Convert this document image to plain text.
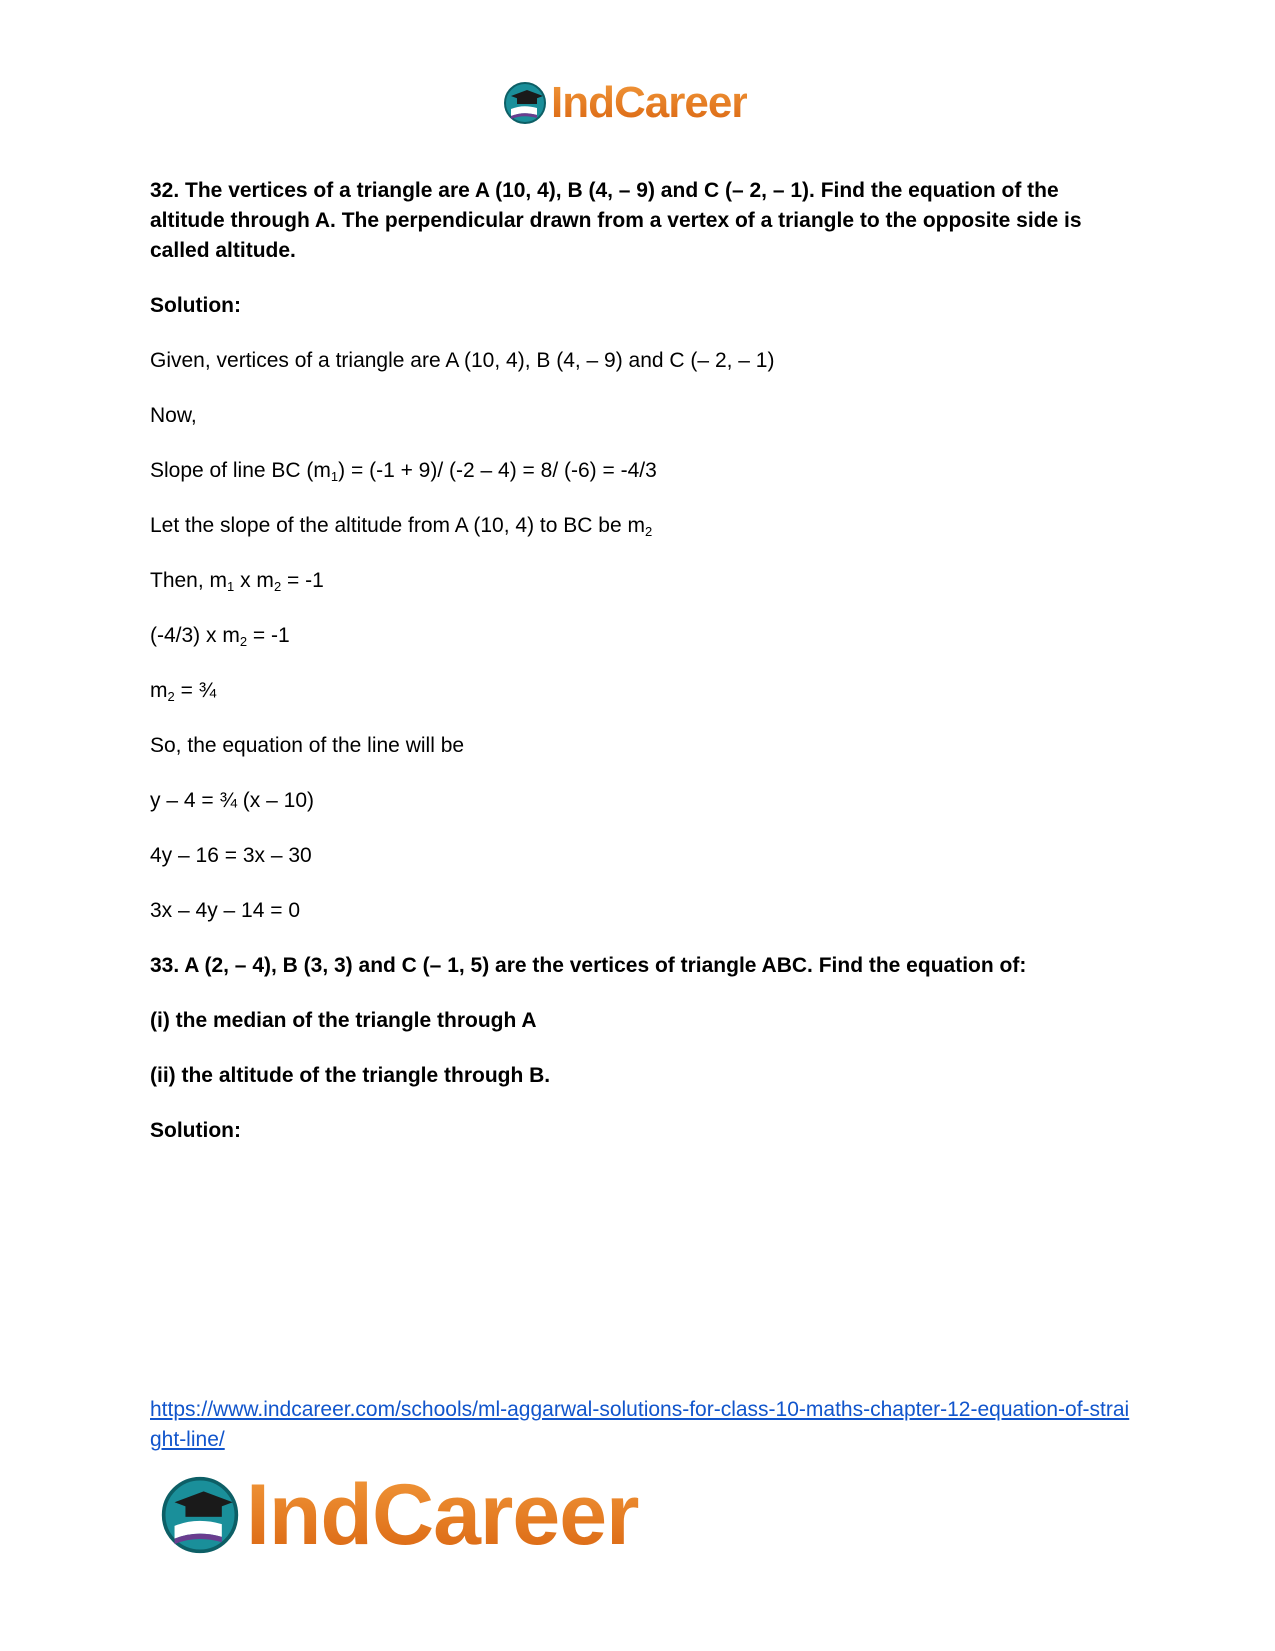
IndCareer

32. The vertices of a triangle are A (10, 4), B (4, – 9) and C (– 2, – 1). Find the equation of the altitude through A. The perpendicular drawn from a vertex of a triangle to the opposite side is called altitude.

Solution:

Given, vertices of a triangle are A (10, 4), B (4, – 9) and C (– 2, – 1)

Now,

Slope of line BC $(m_1) = (-1 + 9)/$ (-2 – 4) = 8/ (-6) = -4/3

Let the slope of the altitude from A (10, 4) to BC be $m_2$

Then, $m_1$ x $m_2 = -1$

(-4/3) x $m_2 = -1$

$m_2$ = ¾

So, the equation of the line will be

y – 4 = ¾ (x – 10)

4y – 16 = 3x – 30

3x – 4y – 14 = 0

33. A (2, – 4), B (3, 3) and C (– 1, 5) are the vertices of triangle ABC. Find the equation of:

(i) the median of the triangle through A

(ii) the altitude of the triangle through B.

Solution:

https://www.indcareer.com/schools/ml-aggarwal-solutions-for-class-10-maths-chapter-12-equation-of-straight-line/
IndCareer
